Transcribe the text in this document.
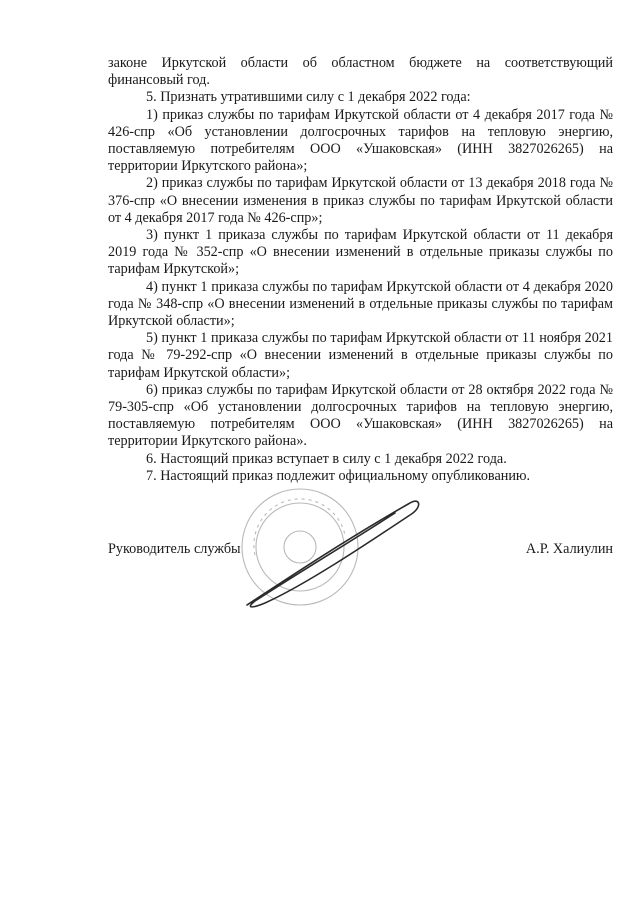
законе Иркутской области об областном бюджете на соответствующий финансовый год.

5. Признать утратившими силу с 1 декабря 2022 года:

1) приказ службы по тарифам Иркутской области от 4 декабря 2017 года № 426-спр «Об установлении долгосрочных тарифов на тепловую энергию, поставляемую потребителям ООО «Ушаковская» (ИНН 3827026265) на территории Иркутского района»;

2) приказ службы по тарифам Иркутской области от 13 декабря 2018 года № 376-спр «О внесении изменения в приказ службы по тарифам Иркутской области от 4 декабря 2017 года № 426-спр»;

3) пункт 1 приказа службы по тарифам Иркутской области от 11 декабря 2019 года № 352-спр «О внесении изменений в отдельные приказы службы по тарифам Иркутской»;

4) пункт 1 приказа службы по тарифам Иркутской области от 4 декабря 2020 года № 348-спр «О внесении изменений в отдельные приказы службы по тарифам Иркутской области»;

5) пункт 1 приказа службы по тарифам Иркутской области от 11 ноября 2021 года № 79-292-спр «О внесении изменений в отдельные приказы службы по тарифам Иркутской области»;

6) приказ службы по тарифам Иркутской области от 28 октября 2022 года № 79-305-спр «Об установлении долгосрочных тарифов на тепловую энергию, поставляемую потребителям ООО «Ушаковская» (ИНН 3827026265) на территории Иркутского района».

6. Настоящий приказ вступает в силу с 1 декабря 2022 года.

7. Настоящий приказ подлежит официальному опубликованию.

Руководитель службы	А.Р. Халиулин
